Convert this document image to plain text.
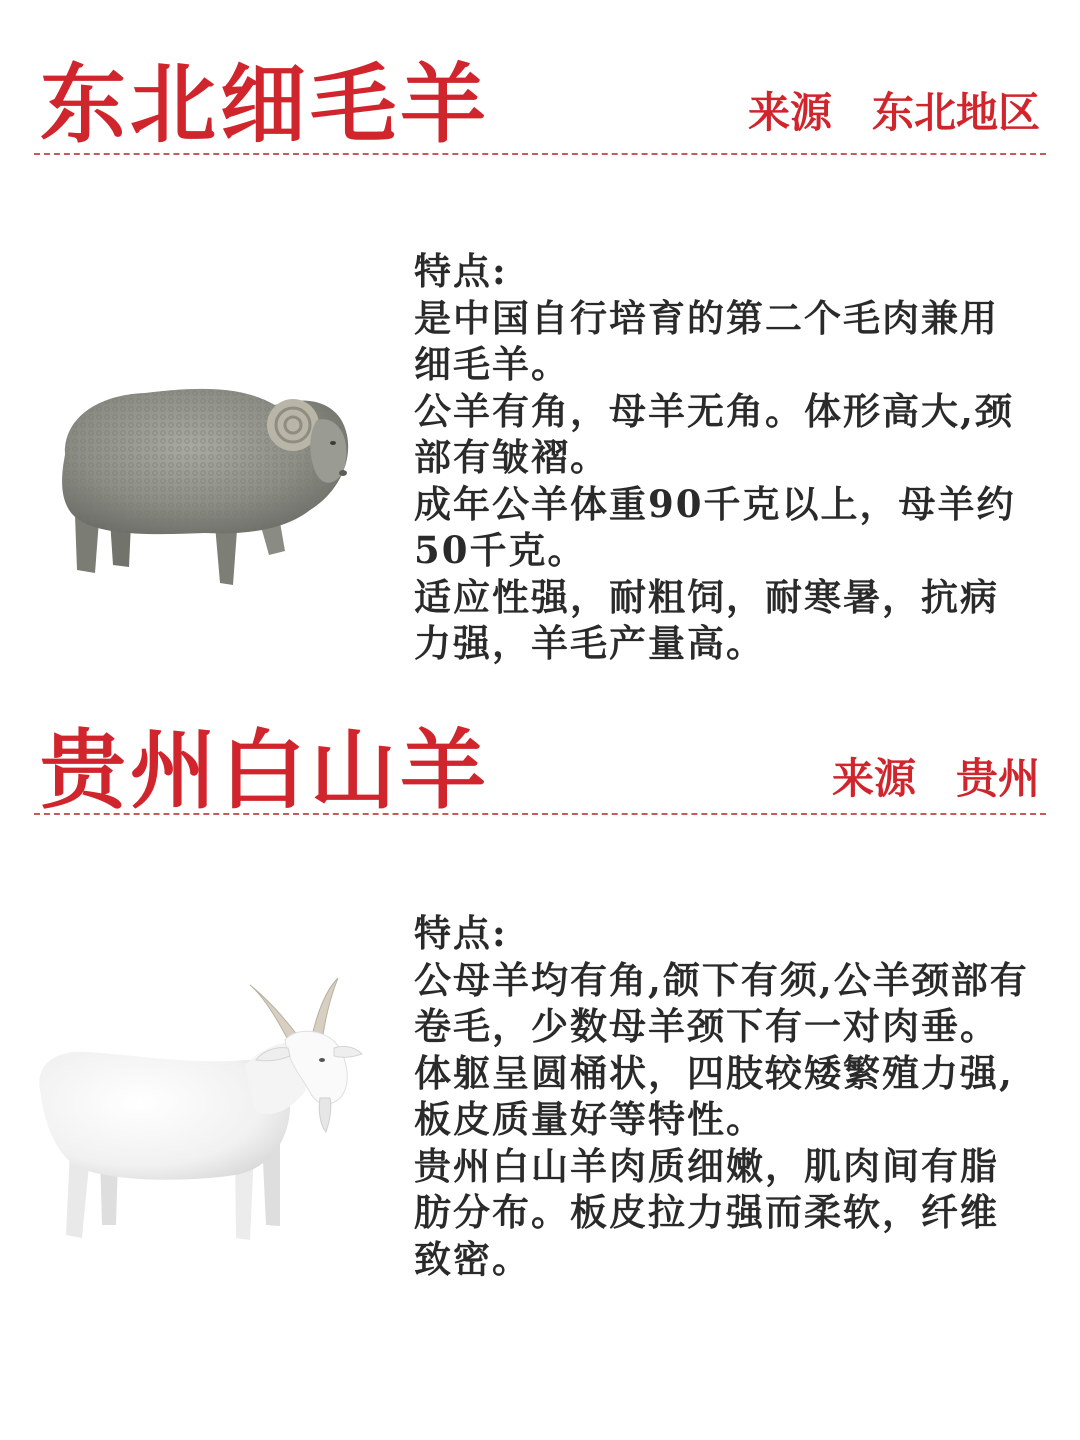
东北细毛羊	来源 东北地区

特点:

是中国自行培育的第二个毛肉兼用细毛羊。

公羊有角，母羊无角。体形高大,颈部有皱褶。

成年公羊体重90千克以上，母羊约50千克。

适应性强，耐粗饲，耐寒暑，抗病力强，羊毛产量高。

贵州白山羊	来源 贵州

特点:

公母羊均有角,颌下有须,公羊颈部有卷毛，少数母羊颈下有一对肉垂。

体躯呈圆桶状，四肢较矮繁殖力强,板皮质量好等特性。

贵州白山羊肉质细嫩，肌肉间有脂肪分布。板皮拉力强而柔软，纤维致密。
